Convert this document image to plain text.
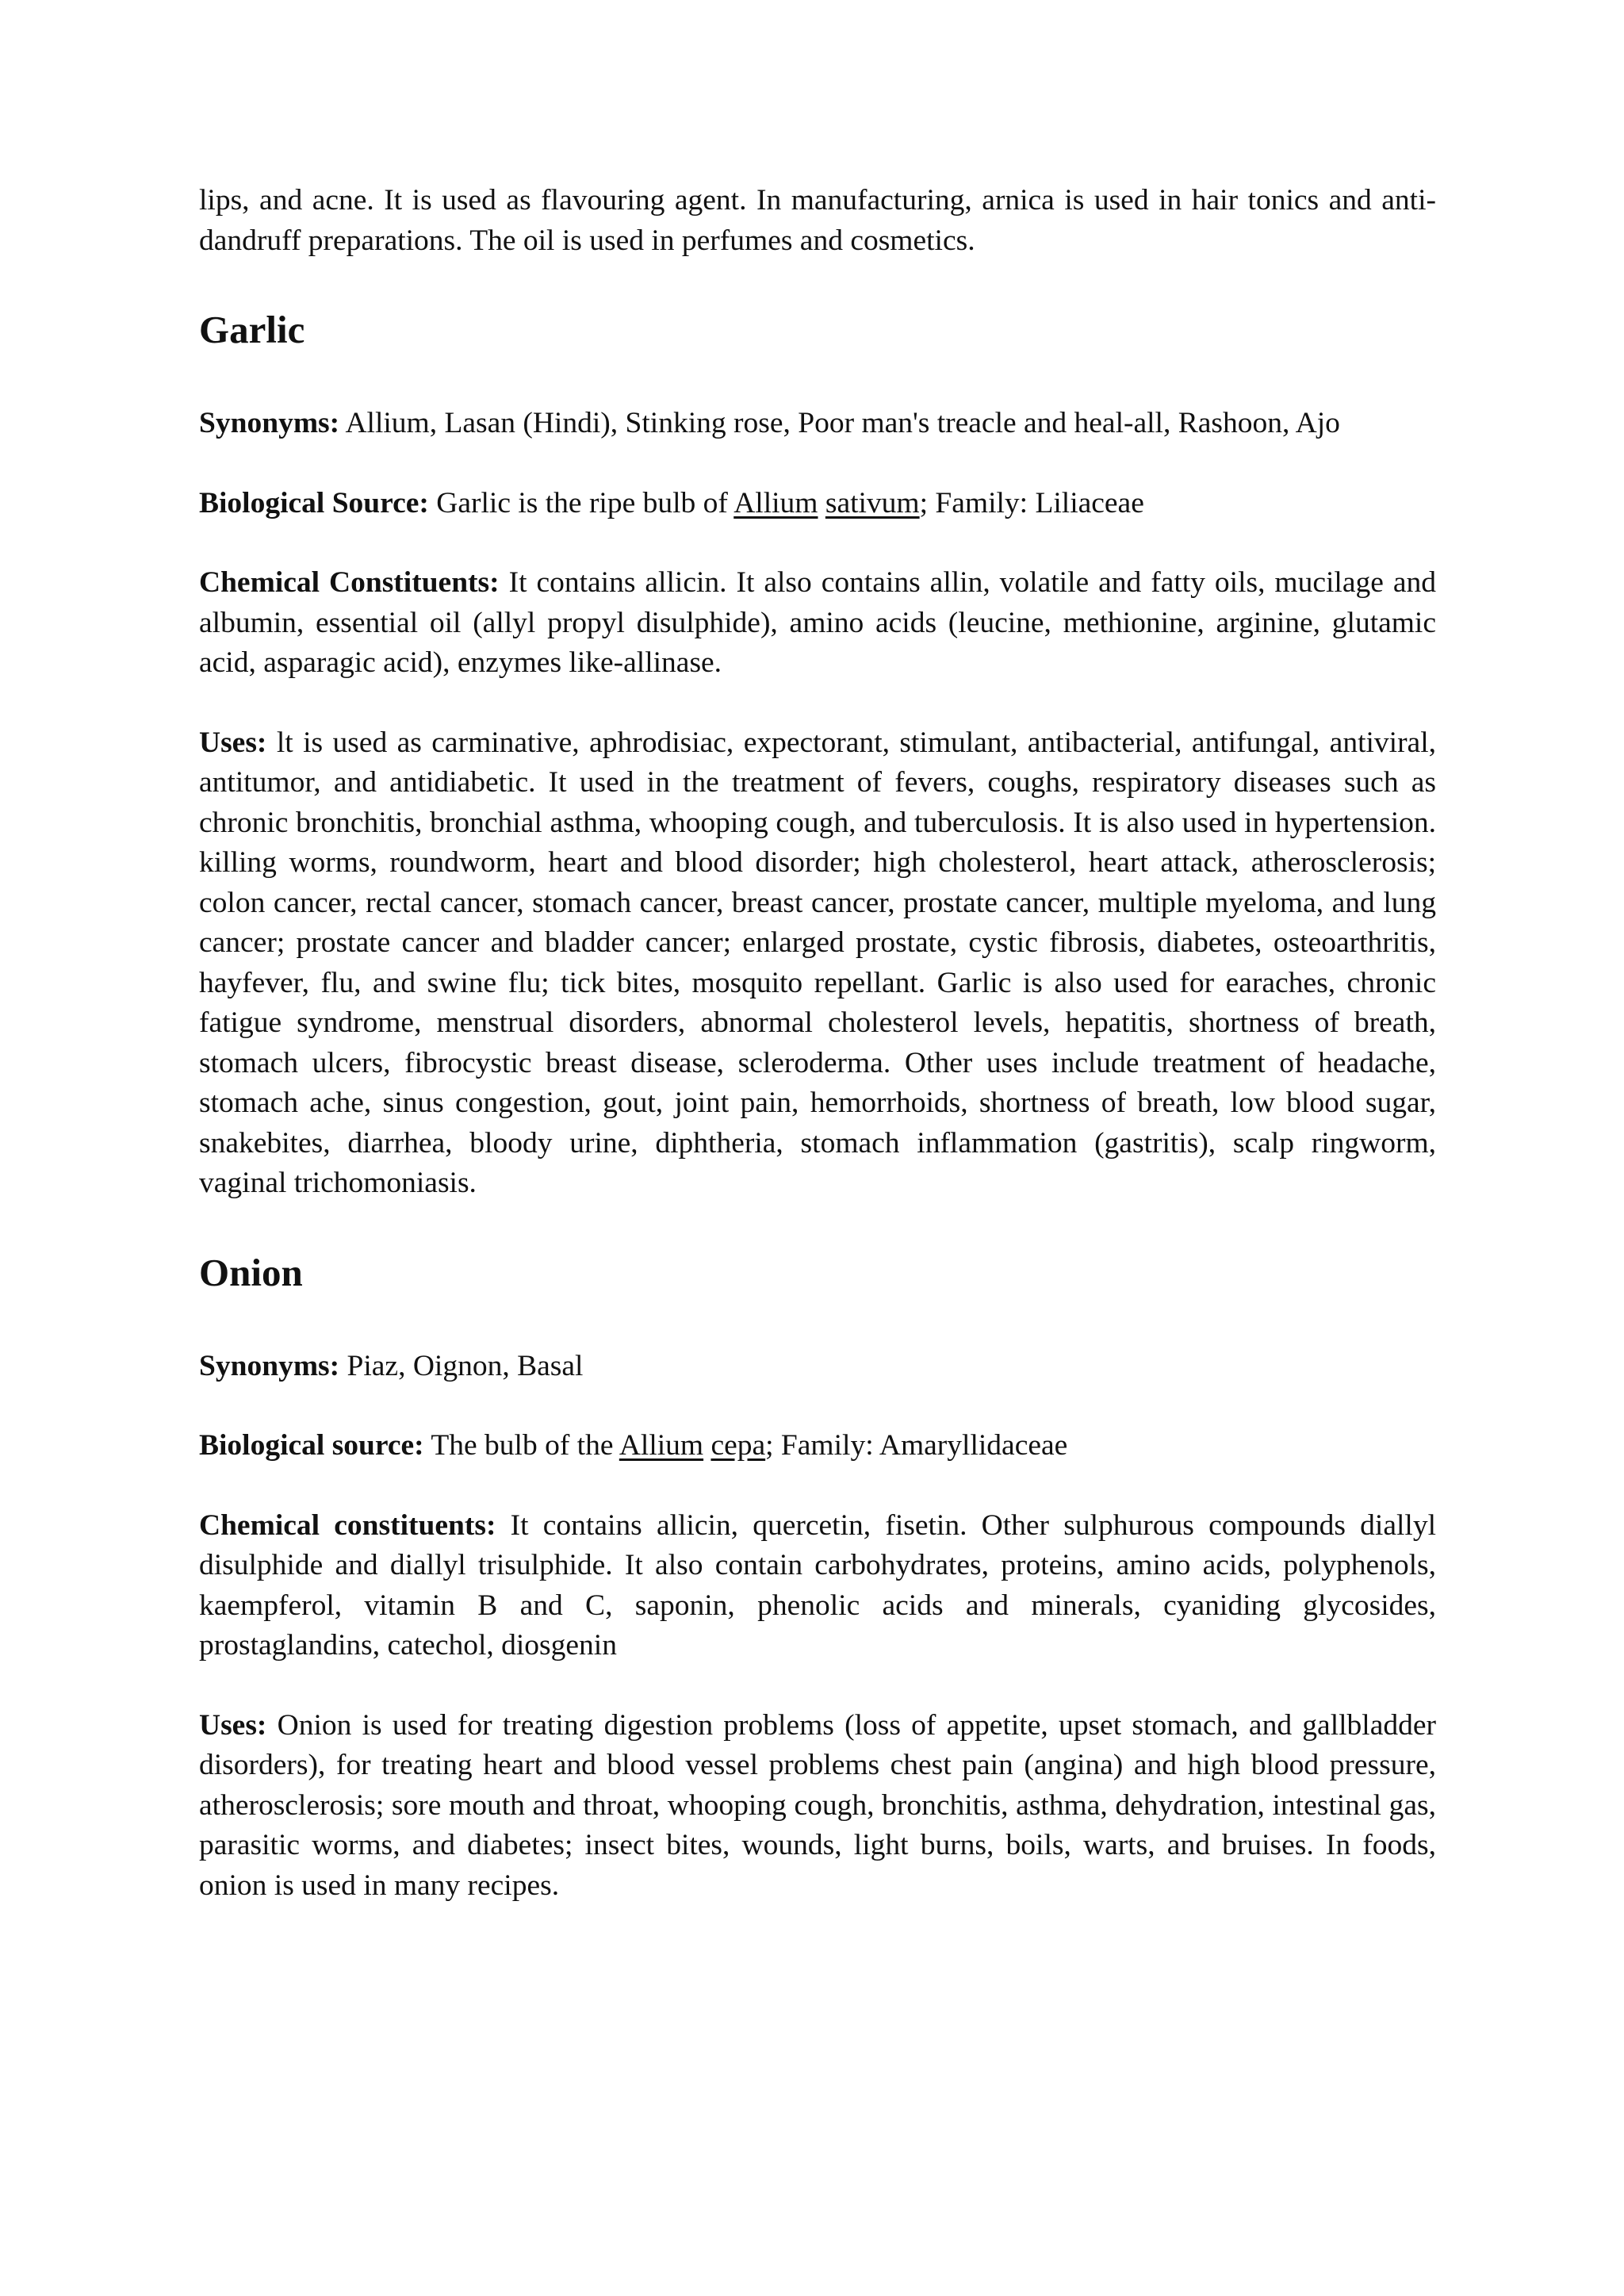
lips, and acne. It is used as flavouring agent. In manufacturing, arnica is used in hair tonics and anti-dandruff preparations. The oil is used in perfumes and cosmetics.

Garlic

Synonyms: Allium, Lasan (Hindi), Stinking rose, Poor man's treacle and heal-all, Rashoon, Ajo

Biological Source: Garlic is the ripe bulb of Allium sativum; Family: Liliaceae

Chemical Constituents: It contains allicin. It also contains allin, volatile and fatty oils, mucilage and albumin, essential oil (allyl propyl disulphide), amino acids (leucine, methionine, arginine, glutamic acid, asparagic acid), enzymes like-allinase.

Uses: lt is used as carminative, aphrodisiac, expectorant, stimulant, antibacterial, antifungal, antiviral, antitumor, and antidiabetic. It used in the treatment of fevers, coughs, respiratory diseases such as chronic bronchitis, bronchial asthma, whooping cough, and tuberculosis. It is also used in hypertension. killing worms, roundworm, heart and blood disorder; high cholesterol, heart attack, atherosclerosis; colon cancer, rectal cancer, stomach cancer, breast cancer, prostate cancer, multiple myeloma, and lung cancer; prostate cancer and bladder cancer; enlarged prostate, cystic fibrosis, diabetes, osteoarthritis, hayfever, flu, and swine flu; tick bites, mosquito repellant. Garlic is also used for earaches, chronic fatigue syndrome, menstrual disorders, abnormal cholesterol levels, hepatitis, shortness of breath, stomach ulcers, fibrocystic breast disease, scleroderma. Other uses include treatment of headache, stomach ache, sinus congestion, gout, joint pain, hemorrhoids, shortness of breath, low blood sugar, snakebites, diarrhea, bloody urine, diphtheria, stomach inflammation (gastritis), scalp ringworm, vaginal trichomoniasis.

Onion

Synonyms: Piaz, Oignon, Basal

Biological source: The bulb of the Allium cepa; Family: Amaryllidaceae

Chemical constituents: It contains allicin, quercetin, fisetin. Other sulphurous compounds diallyl disulphide and diallyl trisulphide. It also contain carbohydrates, proteins, amino acids, polyphenols, kaempferol, vitamin B and C, saponin, phenolic acids and minerals, cyaniding glycosides, prostaglandins, catechol, diosgenin

Uses: Onion is used for treating digestion problems (loss of appetite, upset stomach, and gallbladder disorders), for treating heart and blood vessel problems chest pain (angina) and high blood pressure, atherosclerosis; sore mouth and throat, whooping cough, bronchitis, asthma, dehydration, intestinal gas, parasitic worms, and diabetes; insect bites, wounds, light burns, boils, warts, and bruises. In foods, onion is used in many recipes.
